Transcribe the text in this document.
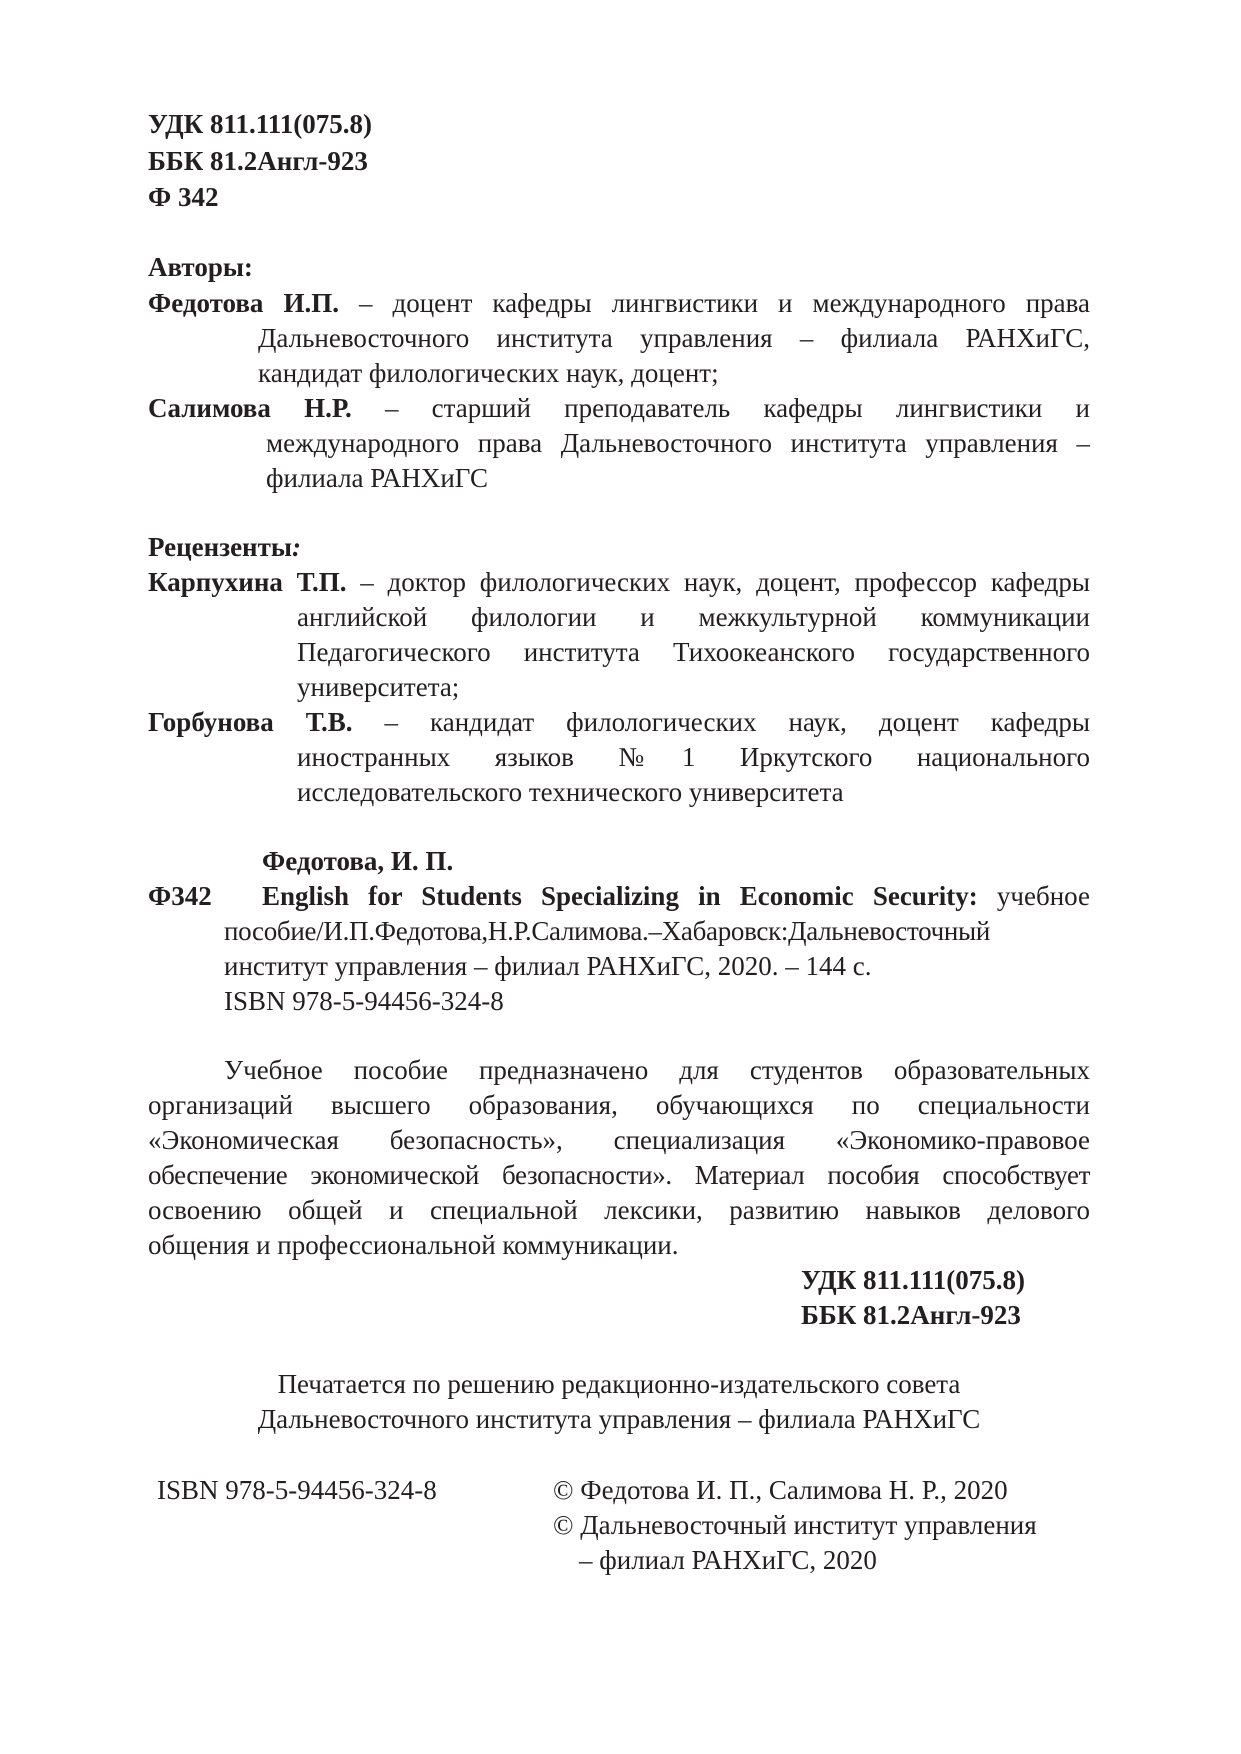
УДК 811.111(075.8)
ББК 81.2Англ-923
Ф 342
Авторы:
Федотова И.П. – доцент кафедры лингвистики и международного права
Дальневосточного института управления – филиала РАНХиГС,
кандидат филологических наук, доцент;
Салимова Н.Р. – старший преподаватель кафедры лингвистики и
международного права Дальневосточного института управления –
филиала РАНХиГС
Рецензенты:
Карпухина Т.П. – доктор филологических наук, доцент, профессор кафедры
английской филологии и межкультурной коммуникации
Педагогического института Тихоокеанского государственного
университета;
Горбунова Т.В. – кандидат филологических наук, доцент кафедры
иностранных языков №1 Иркутского национального
исследовательского технического университета
Федотова, И. П.
Ф342 English for Students Specializing in Economic Security: учебное
пособие/И.П.Федотова,Н.Р.Салимова.–Хабаровск:Дальневосточный
институт управления – филиал РАНХиГС, 2020. – 144 с.
ISBN 978-5-94456-324-8
Учебное пособие предназначено для студентов образовательных
организаций высшего образования, обучающихся по специальности
«Экономическая безопасность», специализация «Экономико-правовое
обеспечение экономической безопасности». Материал пособия способствует
освоению общей и специальной лексики, развитию навыков делового
общения и профессиональной коммуникации.
УДК 811.111(075.8)
ББК 81.2Англ-923
Печатается по решению редакционно-издательского совета
Дальневосточного института управления – филиала РАНХиГС
ISBN 978-5-94456-324-8	© Федотова И. П., Салимова Н. Р., 2020
© Дальневосточный институт управления
– филиал РАНХиГС, 2020
